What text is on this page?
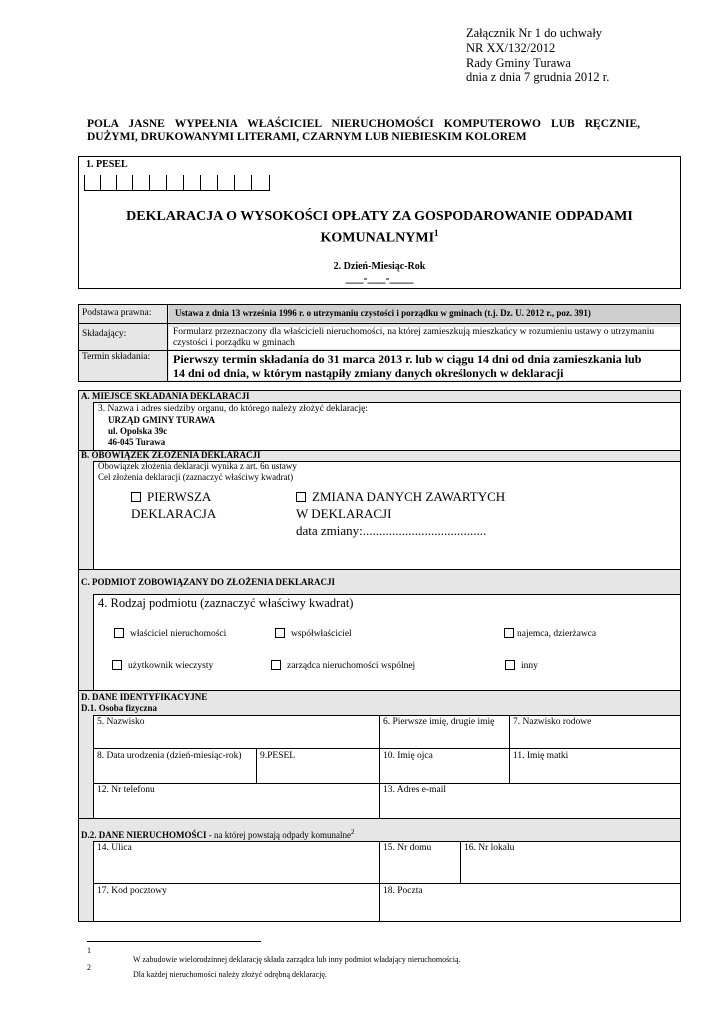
Załącznik Nr 1 do uchwały
NR XX/132/2012
Rady Gminy Turawa
dnia z dnia 7 grudnia 2012 r.
POLA JASNE WYPEŁNIA WŁAŚCICIEL NIERUCHOMOŚCI KOMPUTEROWO LUB RĘCZNIE,
DUŻYMI, DRUKOWANYMI LITERAMI, CZARNYM LUB NIEBIESKIM KOLOREM
1. PESEL
DEKLARACJA O WYSOKOŚCI OPŁATY ZA GOSPODAROWANIE ODPADAMI
KOMUNALNYMI$^1$
2. Dzień-Miesiąc-Rok
___-___-____
Podstawa prawna:	Ustawa z dnia 13 września 1996 r. o utrzymaniu czystości i porządku w gminach (t.j. Dz. U. 2012 r., poz. 391)
Składający:	Formularz przeznaczony dla właścicieli nieruchomości, na której zamieszkują mieszkańcy w rozumieniu ustawy o utrzymaniu czystości i porządku w gminach
Termin składania: Pierwszy termin składania do 31 marca 2013 r. lub w ciągu 14 dni od dnia zamieszkania lub
14 dni od dnia, w którym nastąpiły zmiany danych określonych w deklaracji
A. MIEJSCE SKŁADANIA DEKLARACJI
3. Nazwa i adres siedziby organu, do którego należy złożyć deklarację:
URZĄD GMINY TURAWA
ul. Opolska 39c
46-045 Turawa
B. OBOWIĄZEK ZŁOŻENIA DEKLARACJI
Obowiązek złożenia deklaracji wynika z art. 6n ustawy
Cel złożenia deklaracji (zaznaczyć właściwy kwadrat)
PIERWSZA
DEKLARACJA
ZMIANA DANYCH ZAWARTYCH
W DEKLARACJI
data zmiany:......................................
C. PODMIOT ZOBOWIĄZANY DO ZŁOŻENIA DEKLARACJI
4. Rodzaj podmiotu (zaznaczyć właściwy kwadrat)
właściciel nieruchomości	współwłaściciel	najemca, dzierżawca
użytkownik wieczysty	zarządca nieruchomości wspólnej	inny
D. DANE IDENTYFIKACYJNE
D.1. Osoba fizyczna
5. Nazwisko	6. Pierwsze imię, drugie imię 7. Nazwisko rodowe
8. Data urodzenia (dzień-miesiąc-rok) 9.PESEL	10. Imię ojca	11. Imię matki
12. Nr telefonu	13. Adres e-mail
D.2. DANE NIERUCHOMOŚCI - na której powstają odpady komunalne$^2$
14. Ulica	15. Nr domu	16. Nr lokalu
17. Kod pocztowy	18. Poczta
1
W zabudowie wielorodzinnej deklarację składa zarządca lub inny podmiot władający nieruchomością.
2
Dla każdej nieruchomości należy złożyć odrębną deklarację.
